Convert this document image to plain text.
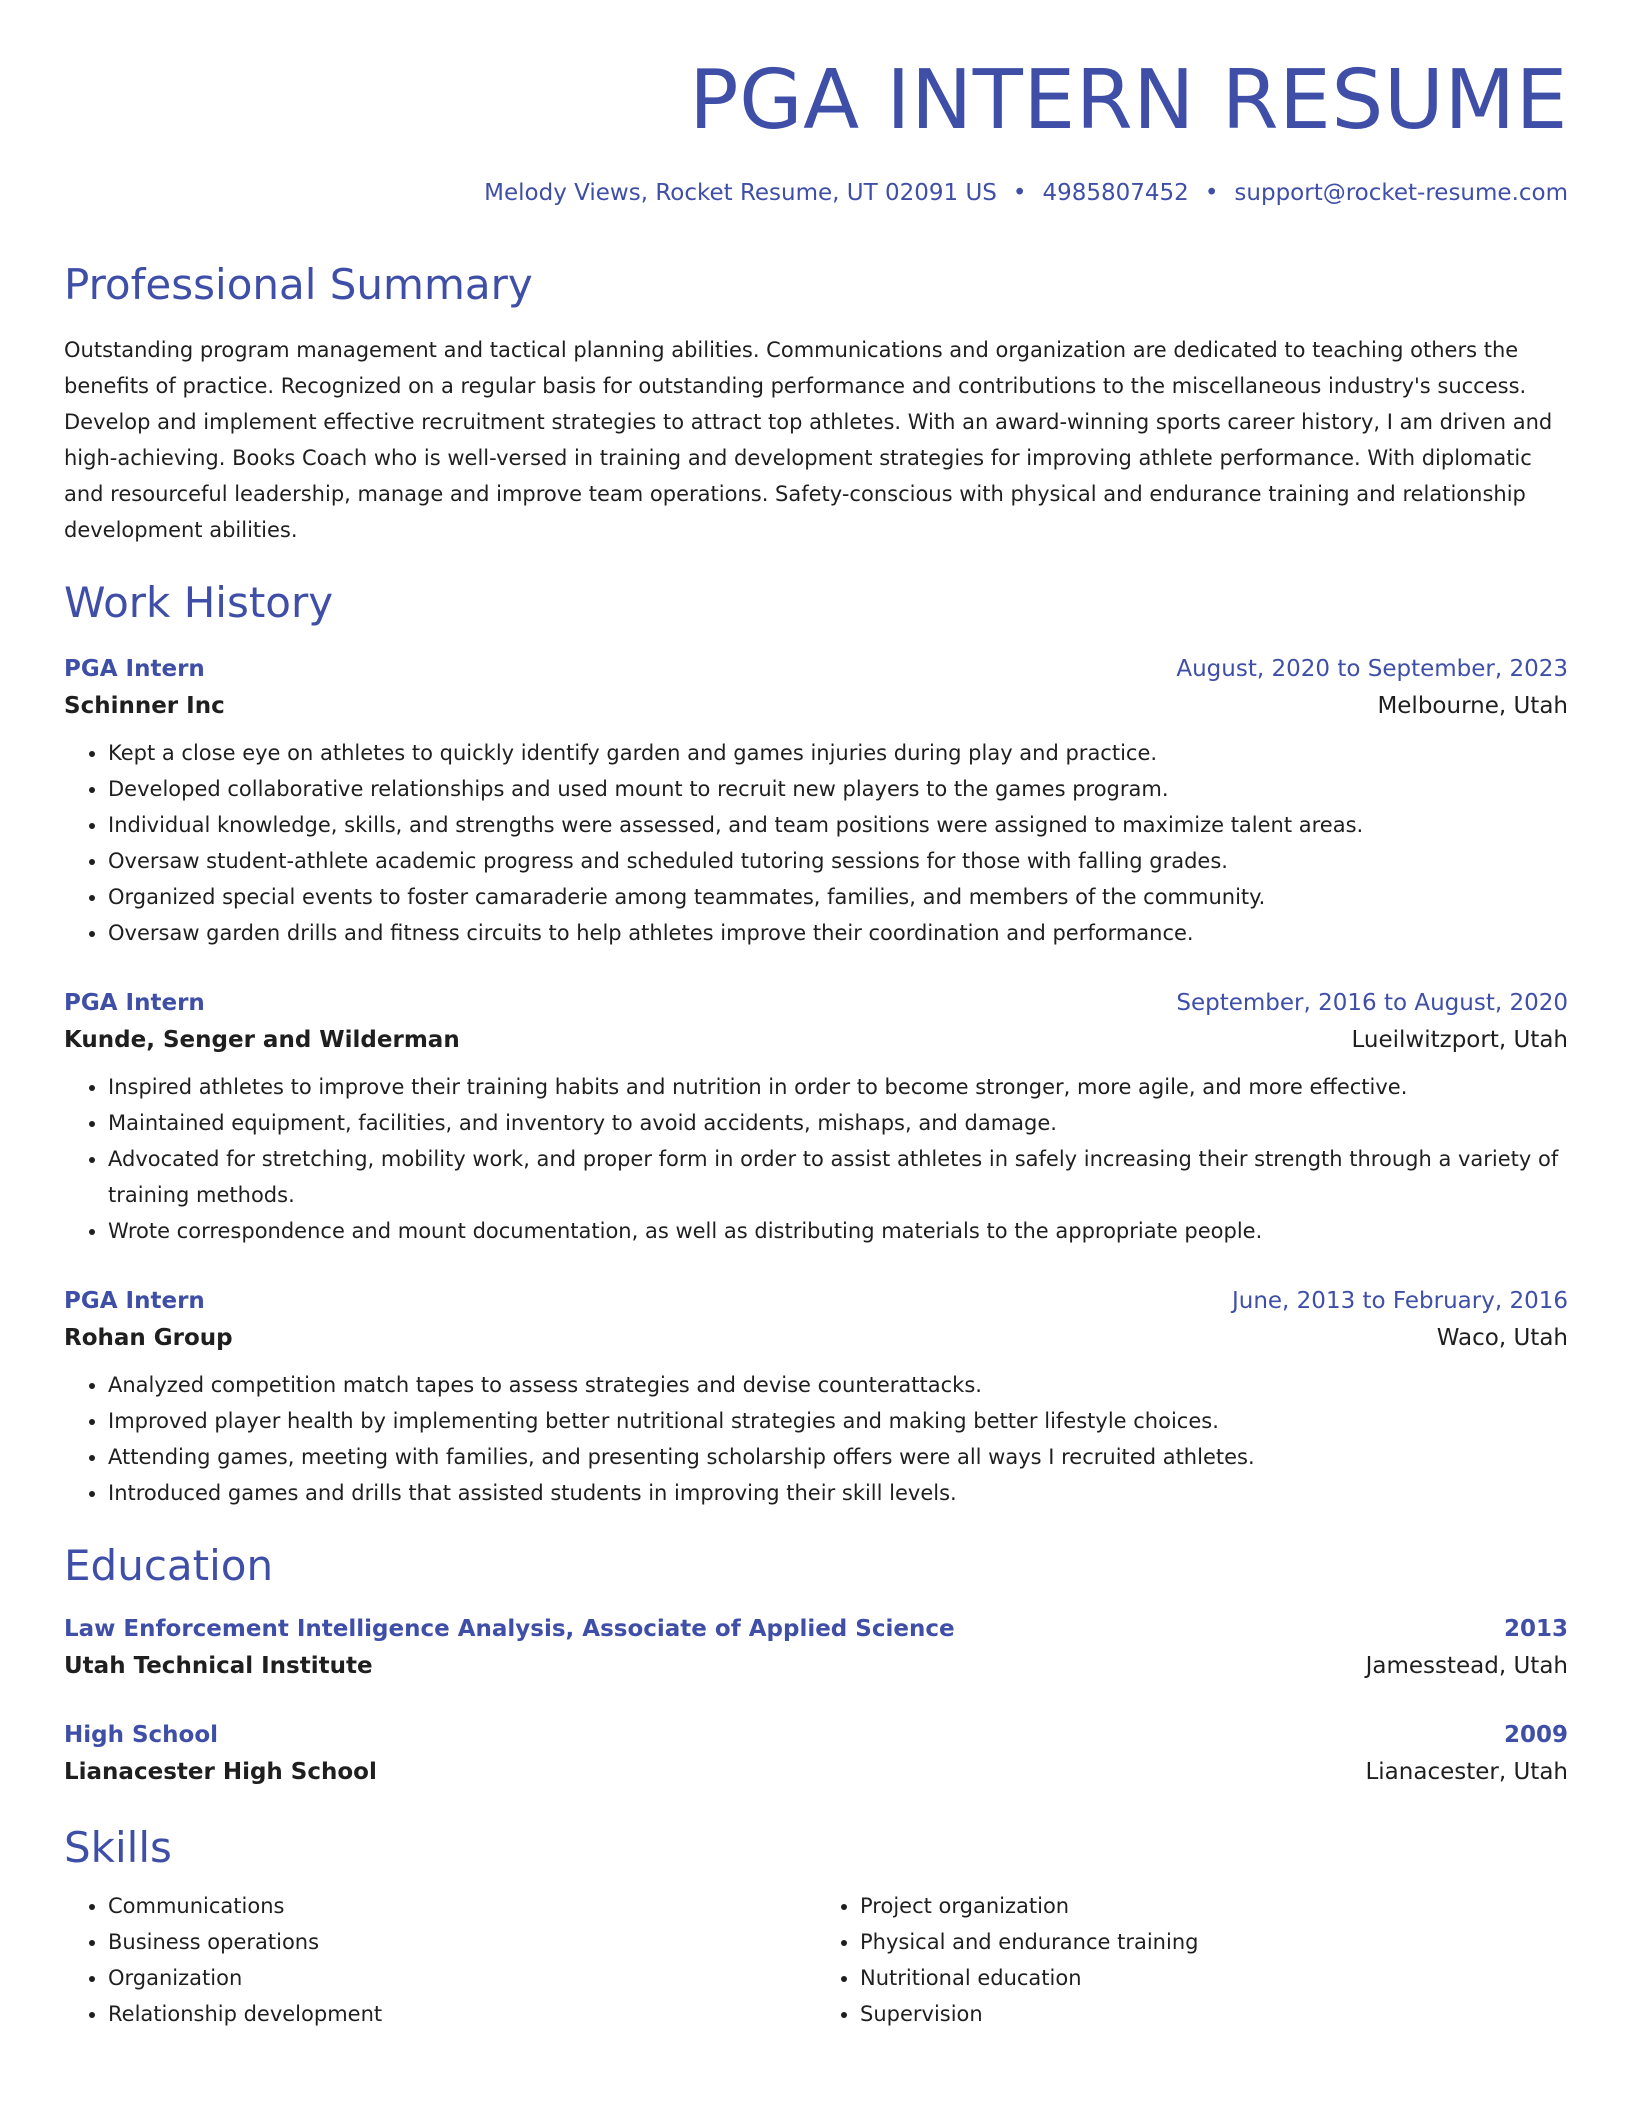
PGA INTERN RESUME
Melody Views, Rocket Resume, UT 02091 US • 4985807452 • support@rocket-resume.com
Professional Summary
Outstanding program management and tactical planning abilities. Communications and organization are dedicated to teaching others the benefits of practice. Recognized on a regular basis for outstanding performance and contributions to the miscellaneous industry's success. Develop and implement effective recruitment strategies to attract top athletes. With an award-winning sports career history, I am driven and high-achieving. Books Coach who is well-versed in training and development strategies for improving athlete performance. With diplomatic and resourceful leadership, manage and improve team operations. Safety-conscious with physical and endurance training and relationship development abilities.
Work History
PGA Intern	August, 2020 to September, 2023
Schinner Inc	Melbourne, Utah
• Kept a close eye on athletes to quickly identify garden and games injuries during play and practice.
• Developed collaborative relationships and used mount to recruit new players to the games program.
• Individual knowledge, skills, and strengths were assessed, and team positions were assigned to maximize talent areas.
• Oversaw student-athlete academic progress and scheduled tutoring sessions for those with falling grades.
• Organized special events to foster camaraderie among teammates, families, and members of the community.
• Oversaw garden drills and fitness circuits to help athletes improve their coordination and performance.
PGA Intern	September, 2016 to August, 2020
Kunde, Senger and Wilderman	Lueilwitzport, Utah
• Inspired athletes to improve their training habits and nutrition in order to become stronger, more agile, and more effective.
• Maintained equipment, facilities, and inventory to avoid accidents, mishaps, and damage.
• Advocated for stretching, mobility work, and proper form in order to assist athletes in safely increasing their strength through a variety of training methods.
• Wrote correspondence and mount documentation, as well as distributing materials to the appropriate people.
PGA Intern	June, 2013 to February, 2016
Rohan Group	Waco, Utah
• Analyzed competition match tapes to assess strategies and devise counterattacks.
• Improved player health by implementing better nutritional strategies and making better lifestyle choices.
• Attending games, meeting with families, and presenting scholarship offers were all ways I recruited athletes.
• Introduced games and drills that assisted students in improving their skill levels.
Education
Law Enforcement Intelligence Analysis, Associate of Applied Science	2013
Utah Technical Institute	Jamesstead, Utah
High School	2009
Lianacester High School	Lianacester, Utah
Skills
• Communications
• Business operations
• Organization
• Relationship development
• Project organization
• Physical and endurance training
• Nutritional education
• Supervision
